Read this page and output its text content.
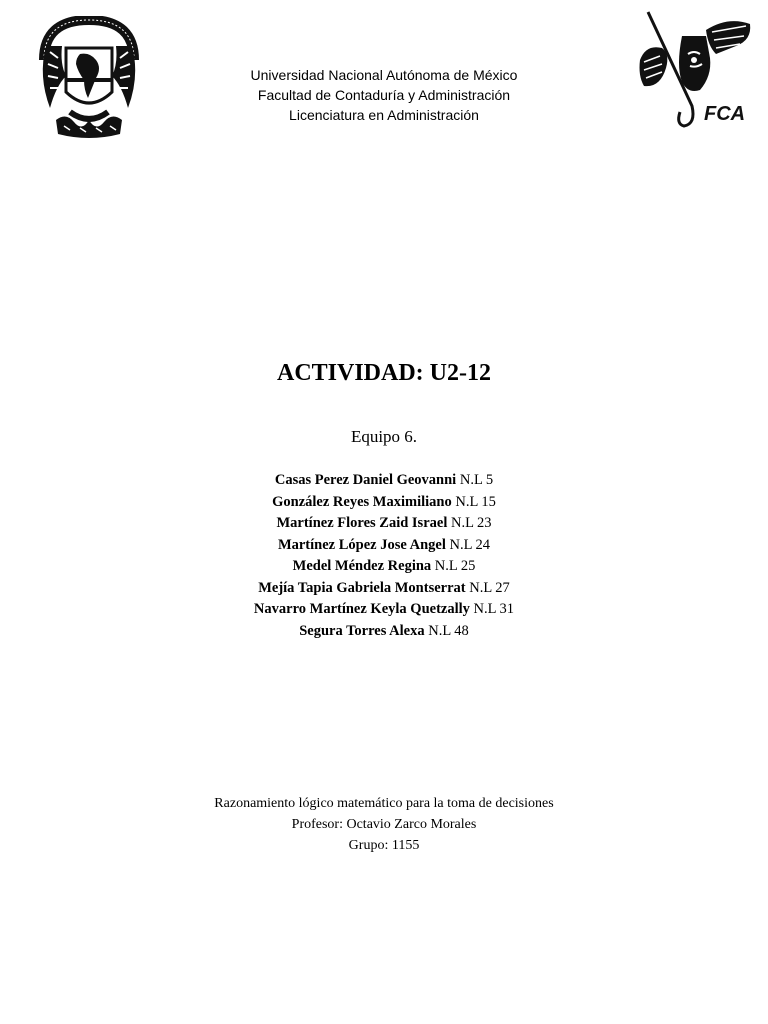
FCA
Universidad Nacional Autónoma de México
Facultad de Contaduría y Administración
Licenciatura en Administración
ACTIVIDAD: U2-12
Equipo 6.
Casas Perez Daniel Geovanni N.L 5
González Reyes Maximiliano N.L 15
Martínez Flores Zaid Israel N.L 23
Martínez López Jose Angel N.L 24
Medel Méndez Regina N.L 25
Mejía Tapia Gabriela Montserrat N.L 27
Navarro Martínez Keyla Quetzally N.L 31
Segura Torres Alexa N.L 48
Razonamiento lógico matemático para la toma de decisiones
Profesor: Octavio Zarco Morales
Grupo: 1155
